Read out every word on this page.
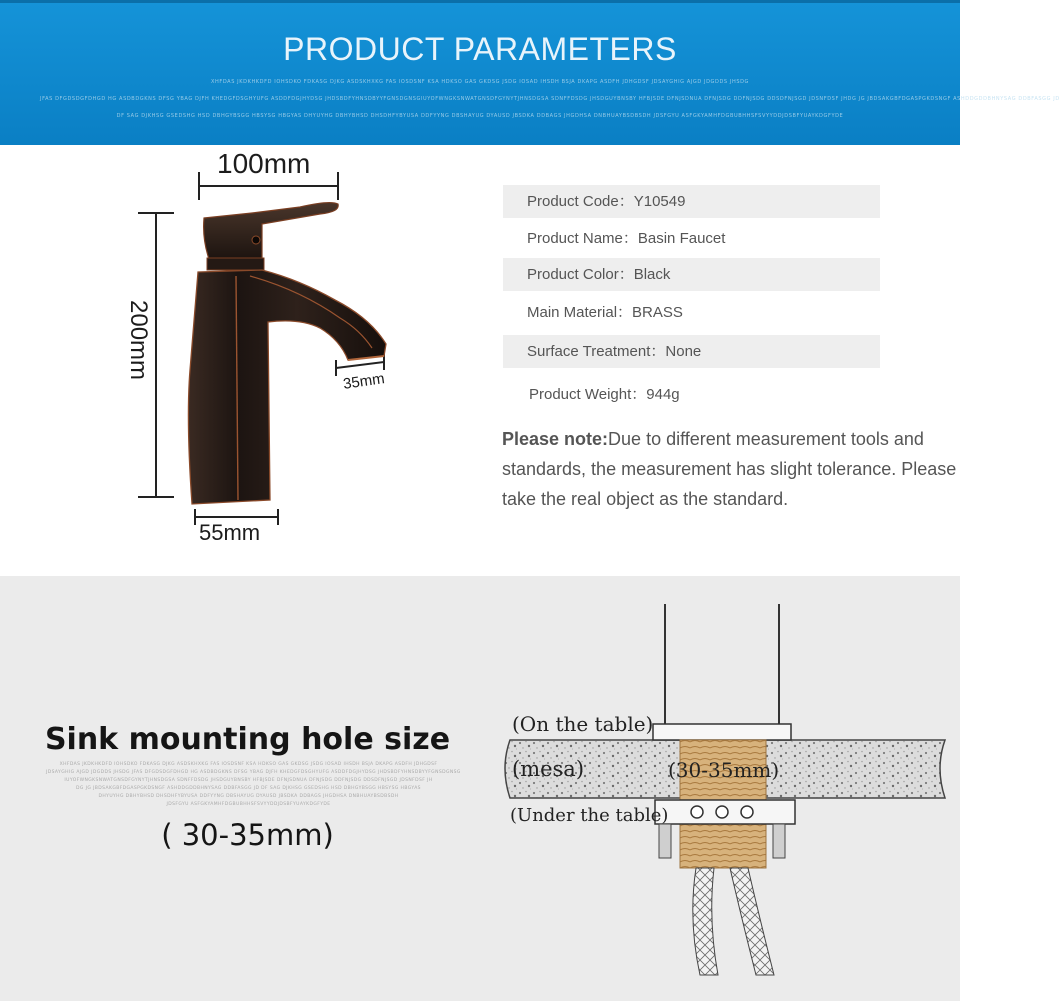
PRODUCT PARAMETERS
XHFDAS JKDKHKDFD IOHSDKO FDKASG DJKG ASDSKHXKG FAS IOSDSNF KSA HDKSO GAS GKDSG JSDG IOSAD IHSDH BSJA DKAPG ASDFH JDHGDSF JDSAYGHIG AJGD JDGDDS JHSDG
JFAS DFGDSDGFDHGD HG ASDBDGKNS DFSG YBAG DJFH KHEDGFDSGHYUFG ASDDFDGJHYDSG JHDSBDFYHNSDBYYFGNSDGNSGIUYOFWNGKSNWATGNSDFGYNYTJHNSDGSA SDNFFDSDG JHSDGUYBNSBY HFBJSDE DFNJSDNUA DFNJSDG DDFNJSDG DDSDFNJSGD JDSNFDSF JHDG JG JBDSAKGBFDGASPGKDSNGF ASHDDGDDBHNYSAG DDBFASGG JD
DF SAG DJKHSG GSEDSHG HSD DBHGYBSGG HBSYSG HBGYAS DHYUYHG DBHYBHSD DHSDHFYBYUSA DDFYYNG DBSHAYUG DYAUSD JBSDKA DDBAGS JHGDHSA DNBHUAYBSDBSDH JDSFGYU ASFGKYAMHFDGBUBHHSFSVYYDDJDSBFYUAYKDGFYDE
100mm
200mm
35mm
55mm
Product Code：Y10549
Product Name：Basin Faucet
Product Color：Black
Main Material：BRASS
Surface Treatment：None
Product Weight：944g
Please note:Due to different measurement tools and standards, the measurement has slight tolerance. Please take the real object as the standard.
Sink mounting hole size
XHFDAS JKDKHKDFD IOHSDKO FDKASG DJKG ASDSKHXKG FAS IOSDSNF KSA HDKSO GAS GKDSG JSDG IOSAD IHSDH BSJA DKAPG ASDFH JDHGDSF
JDSAYGHIG AJGD JDGDDS JHSDG JFAS DFGDSDGFDHGD HG ASDBDGKNS DFSG YBAG DJFH KHEDGFDSGHYUFG ASDDFDGJHYDSG JHDSBDFYHNSDBYYFGNSDGNSG
IUYOFWNGKSNWATGNSDFGYNYTJHNSDGSA SDNFFDSDG JHSDGUYBNSBY HFBJSDE DFNJSDNUA DFNJSDG DDFNJSDG DDSDFNJSGD JDSNFDSF JH
DG JG JBDSAKGBFDGASPGKDSNGF ASHDDGDDBHNYSAG DDBFASGG JD DF SAG DJKHSG GSEDSHG HSD DBHGYBSGG HBSYSG HBGYAS
DHYUYHG DBHYBHSD DHSDHFYBYUSA DDFYYNG DBSHAYUG DYAUSD JBSDKA DDBAGS JHGDHSA DNBHUAYBSDBSDH
JDSFGYU ASFGKYAMHFDGBUBHHSFSVYYDDJDSBFYUAYKDGFYDE
( 30-35mm)
(On the table)
(mesa)	(30-35mm)
(Under the table)
